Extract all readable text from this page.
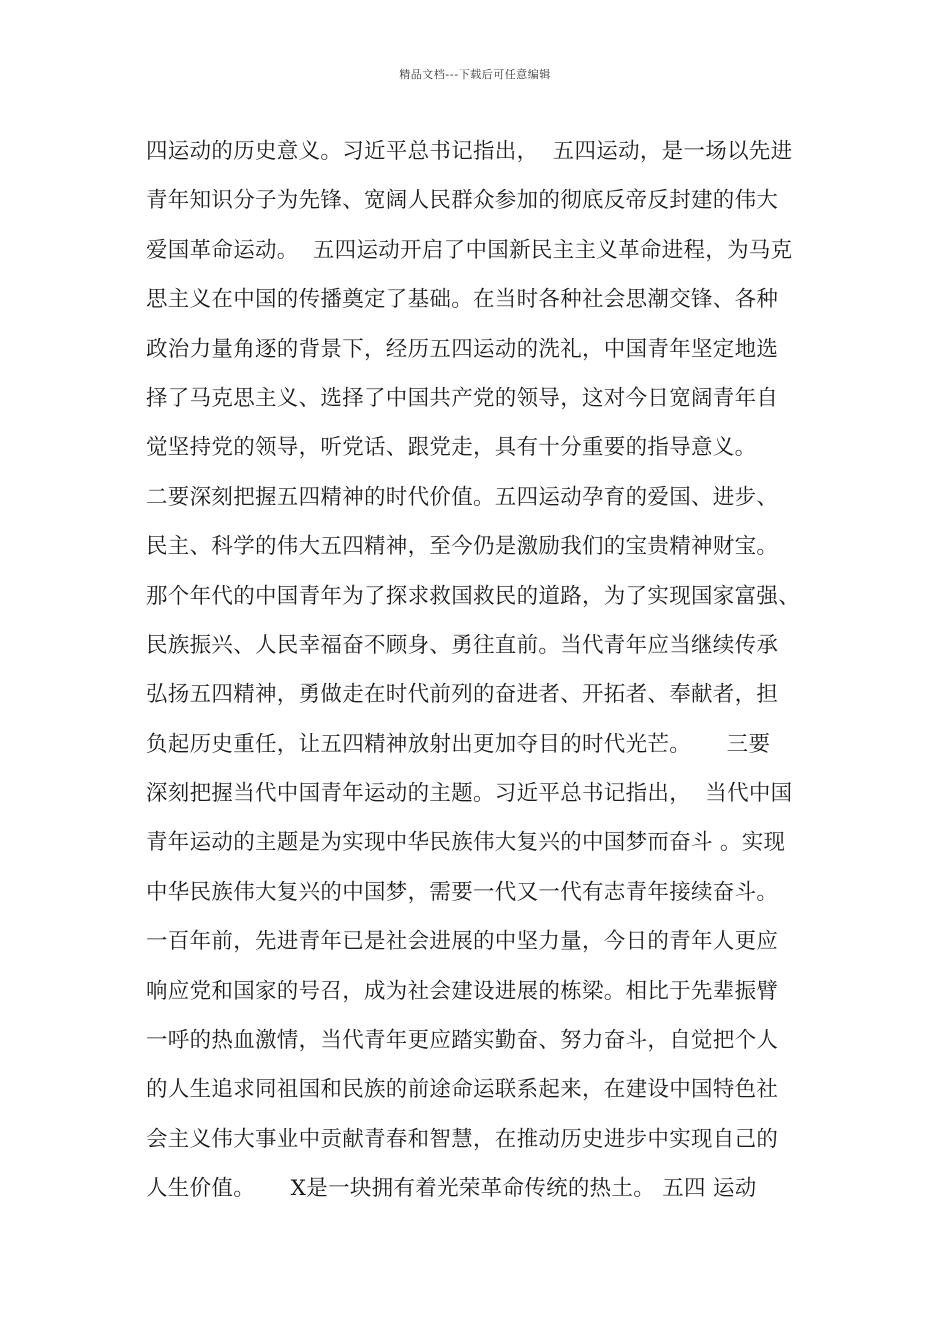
精品文档---下载后可任意编辑
四运动的历史意义。习近平总书记指出，  五四运动，是一场以先进
青年知识分子为先锋、宽阔人民群众参加的彻底反帝反封建的伟大
爱国革命运动。  五四运动开启了中国新民主主义革命进程，为马克
思主义在中国的传播奠定了基础。在当时各种社会思潮交锋、各种
政治力量角逐的背景下，经历五四运动的洗礼，中国青年坚定地选
择了马克思主义、选择了中国共产党的领导，这对今日宽阔青年自
觉坚持党的领导，听党话、跟党走，具有十分重要的指导意义。
二要深刻把握五四精神的时代价值。五四运动孕育的爱国、进步、
民主、科学的伟大五四精神，至今仍是激励我们的宝贵精神财宝。
那个年代的中国青年为了探求救国救民的道路，为了实现国家富强、
民族振兴、人民幸福奋不顾身、勇往直前。当代青年应当继续传承
弘扬五四精神，勇做走在时代前列的奋进者、开拓者、奉献者，担
负起历史重任，让五四精神放射出更加夺目的时代光芒。     三要
深刻把握当代中国青年运动的主题。习近平总书记指出，  当代中国
青年运动的主题是为实现中华民族伟大复兴的中国梦而奋斗 。实现
中华民族伟大复兴的中国梦，需要一代又一代有志青年接续奋斗。
一百年前，先进青年已是社会进展的中坚力量，今日的青年人更应
响应党和国家的号召，成为社会建设进展的栋梁。相比于先辈振臂
一呼的热血激情，当代青年更应踏实勤奋、努力奋斗，自觉把个人
的人生追求同祖国和民族的前途命运联系起来，在建设中国特色社
会主义伟大事业中贡献青春和智慧，在推动历史进步中实现自己的
人生价值。     X是一块拥有着光荣革命传统的热土。 五四 运动
